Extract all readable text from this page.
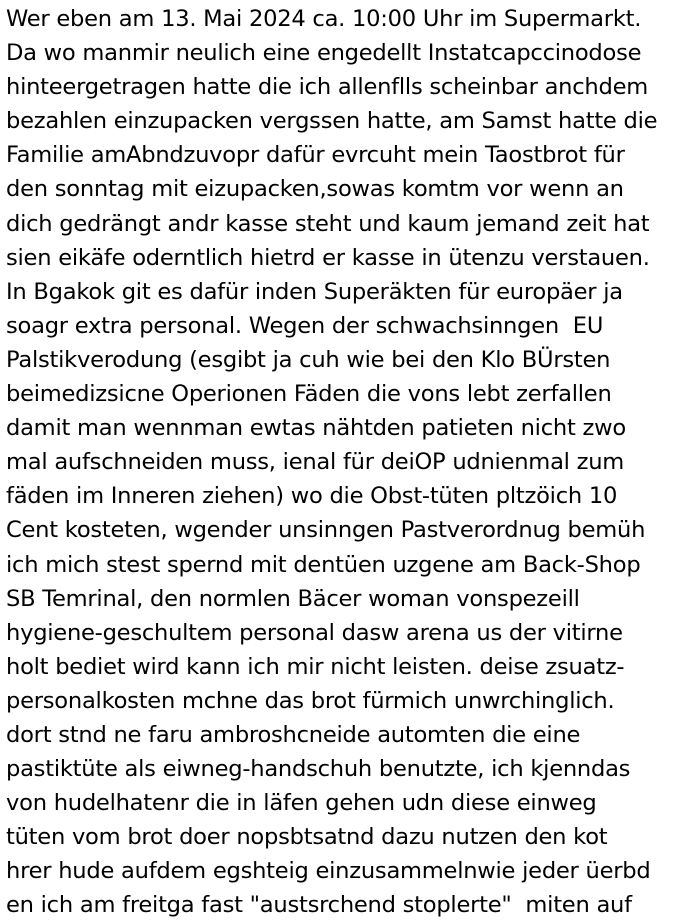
Wer eben am 13. Mai 2024 ca. 10:00 Uhr im Supermarkt.
Da wo manmir neulich eine engedellt Instatcapccinodose
hinteergetragen hatte die ich allenflls scheinbar anchdem
bezahlen einzupacken vergssen hatte, am Samst hatte die
Familie amAbndzuvopr dafür evrcuht mein Taostbrot für
den sonntag mit eizupacken,sowas komtm vor wenn an
dich gedrängt andr kasse steht und kaum jemand zeit hat
sien eikäfe oderntlich hietrd er kasse in ütenzu verstauen.
In Bgakok git es dafür inden Superäkten für europäer ja
soagr extra personal. Wegen der schwachsinngen  EU
Palstikverodung (esgibt ja cuh wie bei den Klo BÜrsten
beimedizsicne Operionen Fäden die vons lebt zerfallen
damit man wennman ewtas nähtden patieten nicht zwo
mal aufschneiden muss, ienal für deiOP udnienmal zum
fäden im Inneren ziehen) wo die Obst-tüten pltzöich 10
Cent kosteten, wgender unsinngen Pastverordnug bemüh
ich mich stest spernd mit dentüen uzgene am Back-Shop
SB Temrinal, den normlen Bäcer woman vonspezeill
hygiene-geschultem personal dasw arena us der vitirne
holt bediet wird kann ich mir nicht leisten. deise zsuatz-
personalkosten mchne das brot fürmich unwrchinglich.
dort stnd ne faru ambroshcneide automten die eine
pastiktüte als eiwneg-handschuh benutzte, ich kjenndas
von hudelhatenr die in läfen gehen udn diese einweg
tüten vom brot doer nopsbtsatnd dazu nutzen den kot
hrer hude aufdem egshteig einzusammelnwie jeder üerbd
en ich am freitga fast "austsrchend stoplerte"  miten auf
